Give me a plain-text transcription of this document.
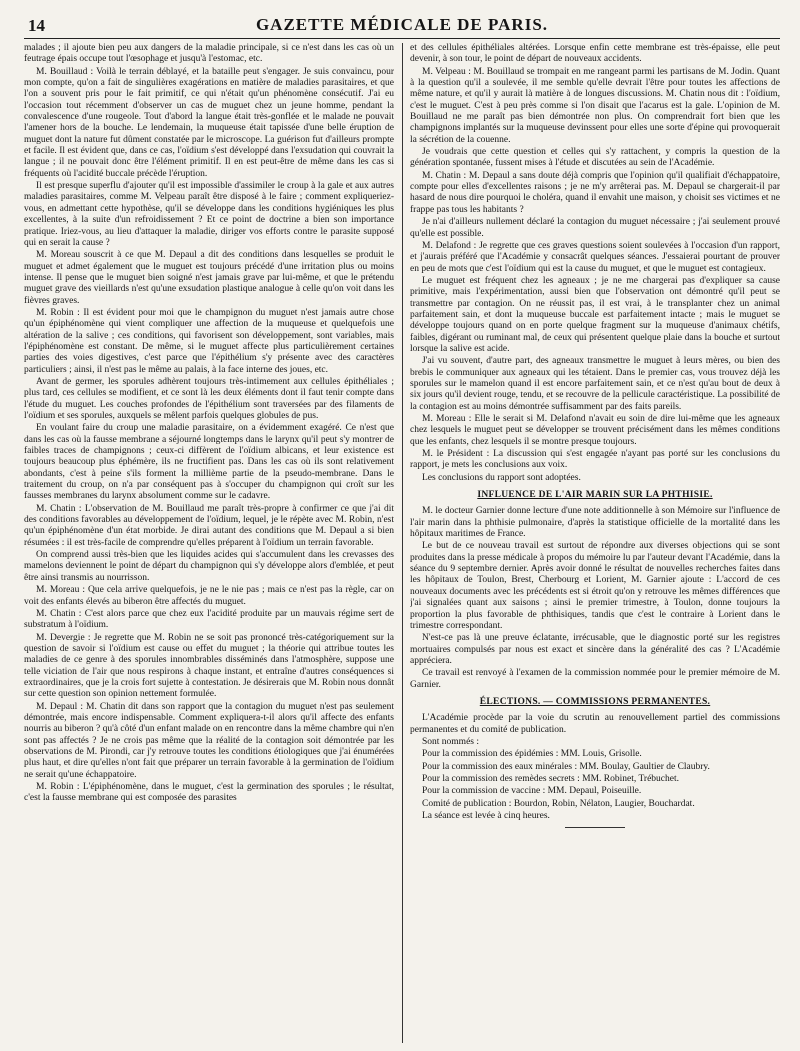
14	GAZETTE MÉDICALE DE PARIS.

malades ; il ajoute bien peu aux dangers de la maladie principale, si ce n'est dans les cas où un feutrage épais occupe tout l'œsophage et jusqu'à l'estomac, etc.

M. Bouillaud : Voilà le terrain déblayé, et la bataille peut s'engager. Je suis convaincu, pour mon compte, qu'on a fait de singulières exagérations en matière de maladies parasitaires, et que l'on a souvent pris pour le fait primitif, ce qui n'était qu'un phénomène consécutif. J'ai eu l'occasion tout récemment d'observer un cas de muguet chez un jeune homme, pendant la convalescence d'une rougeole. Tout d'abord la langue était très-gonflée et le malade ne pouvait l'amener hors de la bouche. Le lendemain, la muqueuse était tapissée d'une belle éruption de muguet dont la nature fut dûment constatée par le microscope. La guérison fut d'ailleurs prompte et facile. Il est évident que, dans ce cas, l'oïdium s'est développé dans l'exsudation qui couvrait la langue ; il ne pouvait donc être l'élément primitif. Il en est peut-être de même dans les cas si fréquents où l'acidité buccale précède l'éruption.

Il est presque superflu d'ajouter qu'il est impossible d'assimiler le croup à la gale et aux autres maladies parasitaires, comme M. Velpeau paraît être disposé à le faire ; comment expliqueriez-vous, en admettant cette hypothèse, qu'il se développe dans les conditions hygiéniques les plus excellentes, à la suite d'un refroidissement ? Et ce point de doctrine a bien son importance pratique. Iriez-vous, au lieu d'attaquer la maladie, diriger vos efforts contre le parasite supposé qui en serait la cause ?

M. Moreau souscrit à ce que M. Depaul a dit des conditions dans lesquelles se produit le muguet et admet également que le muguet est toujours précédé d'une irritation plus ou moins intense. Il pense que le muguet bien soigné n'est jamais grave par lui-même, et que le prétendu muguet grave des vieillards n'est qu'une exsudation plastique analogue à celle qu'on voit dans les fièvres graves.

M. Robin : Il est évident pour moi que le champignon du muguet n'est jamais autre chose qu'un épiphénomène qui vient compliquer une affection de la muqueuse et quelquefois une altération de la salive ; ces conditions, qui favorisent son développement, sont variables, mais l'épiphénomène est constant. De même, si le muguet affecte plus particulièrement certaines parties des voies digestives, c'est parce que l'épithélium s'y présente avec des caractères particuliers ; ainsi, il n'est pas le même au palais, à la face interne des joues, etc.

Avant de germer, les sporules adhèrent toujours très-intimement aux cellules épithéliales ; plus tard, ces cellules se modifient, et ce sont là les deux éléments dont il faut tenir compte dans l'étude du muguet. Les couches profondes de l'épithélium sont traversées par des filaments de l'oïdium et ses sporules, auxquels se mêlent parfois quelques globules de pus.

En voulant faire du croup une maladie parasitaire, on a évidemment exagéré. Ce n'est que dans les cas où la fausse membrane a séjourné longtemps dans le larynx qu'il peut s'y montrer de faibles traces de champignons ; ceux-ci diffèrent de l'oïdium albicans, et leur existence est toujours beaucoup plus éphémère, ils ne fructifient pas. Dans les cas où ils sont relativement abondants, c'est à peine s'ils forment la millième partie de la pseudo-membrane. Dans le traitement du croup, on n'a par conséquent pas à s'occuper du champignon qui croît sur les fausses membranes du larynx absolument comme sur le cadavre.

M. Chatin : L'observation de M. Bouillaud me paraît très-propre à confirmer ce que j'ai dit des conditions favorables au développement de l'oïdium, lequel, je le répète avec M. Robin, n'est qu'un épiphénomène d'un état morbide. Je dirai autant des conditions que M. Depaul a si bien résumées : il est très-facile de comprendre qu'elles préparent à l'oïdium un terrain favorable.

On comprend aussi très-bien que les liquides acides qui s'accumulent dans les crevasses des mamelons deviennent le point de départ du champignon qui s'y développe alors d'emblée, et peut être ainsi transmis au nourrisson.

M. Moreau : Que cela arrive quelquefois, je ne le nie pas ; mais ce n'est pas la règle, car on voit des enfants élevés au biberon être affectés du muguet.

M. Chatin : C'est alors parce que chez eux l'acidité produite par un mauvais régime sert de substratum à l'oïdium.

M. Devergie : Je regrette que M. Robin ne se soit pas prononcé très-catégoriquement sur la question de savoir si l'oïdium est cause ou effet du muguet ; la théorie qui attribue toutes les maladies de ce genre à des sporules innombrables disséminés dans l'atmosphère, suppose une telle viciation de l'air que nous respirons à chaque instant, et entraîne d'autres conséquences si extraordinaires, que je la crois fort sujette à contestation. Je désirerais que M. Robin nous donnât sur cette question son opinion nettement formulée.

M. Depaul : M. Chatin dit dans son rapport que la contagion du muguet n'est pas seulement démontrée, mais encore indispensable. Comment expliquera-t-il alors qu'il affecte des enfants nourris au biberon ? qu'à côté d'un enfant malade on en rencontre dans la même chambre qui n'en sont pas affectés ? Je ne crois pas même que la réalité de la contagion soit démontrée par les observations de M. Pirondi, car j'y retrouve toutes les conditions étiologiques que j'ai énumérées plus haut, et dire qu'elles n'ont fait que préparer un terrain favorable à la germination de l'oïdium ne serait qu'une échappatoire.

M. Robin : L'épiphénomène, dans le muguet, c'est la germination des sporules ; le résultat, c'est la fausse membrane qui est composée des parasites

et des cellules épithéliales altérées. Lorsque enfin cette membrane est très-épaisse, elle peut devenir, à son tour, le point de départ de nouveaux accidents.

M. Velpeau : M. Bouillaud se trompait en me rangeant parmi les partisans de M. Jodin. Quant à la question qu'il a soulevée, il me semble qu'elle devrait l'être pour toutes les affections de même nature, et qu'il y aurait là matière à de longues discussions. M. Chatin nous dit : l'oïdium, c'est le muguet. C'est à peu près comme si l'on disait que l'acarus est la gale. L'opinion de M. Bouillaud ne me paraît pas bien démontrée non plus. On comprendrait fort bien que les champignons implantés sur la muqueuse devinssent pour elles une sorte d'épine qui provoquerait la sécrétion de la couenne.

Je voudrais que cette question et celles qui s'y rattachent, y compris la question de la génération spontanée, fussent mises à l'étude et discutées au sein de l'Académie.

M. Chatin : M. Depaul a sans doute déjà compris que l'opinion qu'il qualifiait d'échappatoire, compte pour elles d'excellentes raisons ; je ne m'y arrêterai pas. M. Depaul se chargerait-il par hasard de nous dire pourquoi le choléra, quand il envahit une maison, y choisit ses victimes et ne frappe pas tous les habitants ?

Je n'ai d'ailleurs nullement déclaré la contagion du muguet nécessaire ; j'ai seulement prouvé qu'elle est possible.

M. Delafond : Je regrette que ces graves questions soient soulevées à l'occasion d'un rapport, et j'aurais préféré que l'Académie y consacrât quelques séances. J'essaierai pourtant de prouver en peu de mots que c'est l'oïdium qui est la cause du muguet, et que le muguet est contagieux.

Le muguet est fréquent chez les agneaux ; je ne me chargerai pas d'expliquer sa cause primitive, mais l'expérimentation, aussi bien que l'observation ont démontré qu'il peut se transmettre par contagion. On ne réussit pas, il est vrai, à le transplanter chez un animal parfaitement sain, et dont la muqueuse buccale est parfaitement intacte ; mais le muguet se développe toujours quand on en porte quelque fragment sur la muqueuse d'animaux chétifs, faibles, digérant ou ruminant mal, de ceux qui présentent quelque plaie dans la bouche et surtout lorsque la salive est acide.

J'ai vu souvent, d'autre part, des agneaux transmettre le muguet à leurs mères, ou bien des brebis le communiquer aux agneaux qui les tétaient. Dans le premier cas, vous trouvez déjà les sporules sur le mamelon quand il est encore parfaitement sain, et ce n'est qu'au bout de deux à six jours qu'il devient rouge, tendu, et se recouvre de la pellicule caractéristique. La possibilité de la contagion est au moins démontrée suffisamment par des faits pareils.

M. Moreau : Elle le serait si M. Delafond n'avait eu soin de dire lui-même que les agneaux chez lesquels le muguet peut se développer se trouvent précisément dans les mêmes conditions que les enfants, chez lesquels il se montre presque toujours.

M. le Président : La discussion qui s'est engagée n'ayant pas porté sur les conclusions du rapport, je mets les conclusions aux voix.

Les conclusions du rapport sont adoptées.

INFLUENCE DE L'AIR MARIN SUR LA PHTHISIE.

M. le docteur Garnier donne lecture d'une note additionnelle à son Mémoire sur l'influence de l'air marin dans la phthisie pulmonaire, d'après la statistique officielle de la mortalité dans les hôpitaux maritimes de France.

Le but de ce nouveau travail est surtout de répondre aux diverses objections qui se sont produites dans la presse médicale à propos du mémoire lu par l'auteur devant l'Académie, dans la séance du 9 septembre dernier. Après avoir donné le résultat de nouvelles recherches faites dans les hôpitaux de Toulon, Brest, Cherbourg et Lorient, M. Garnier ajoute : L'accord de ces nouveaux documents avec les précédents est si étroit qu'on y retrouve les mêmes différences que j'ai signalées quant aux saisons ; ainsi le premier trimestre, à Toulon, donne toujours la proportion la plus favorable de phthisiques, tandis que c'est le contraire à Lorient dans le trimestre correspondant.

N'est-ce pas là une preuve éclatante, irrécusable, que le diagnostic porté sur les registres mortuaires compulsés par nous est exact et sincère dans la généralité des cas ? L'Académie appréciera.

Ce travail est renvoyé à l'examen de la commission nommée pour le premier mémoire de M. Garnier.

ÉLECTIONS. — COMMISSIONS PERMANENTES.

L'Académie procède par la voie du scrutin au renouvellement partiel des commissions permanentes et du comité de publication.

Sont nommés :

Pour la commission des épidémies : MM. Louis, Grisolle.

Pour la commission des eaux minérales : MM. Boulay, Gaultier de Claubry.

Pour la commission des remèdes secrets : MM. Robinet, Trébuchet.

Pour la commission de vaccine : MM. Depaul, Poiseuille.

Comité de publication : Bourdon, Robin, Nélaton, Laugier, Bouchardat.

La séance est levée à cinq heures.
